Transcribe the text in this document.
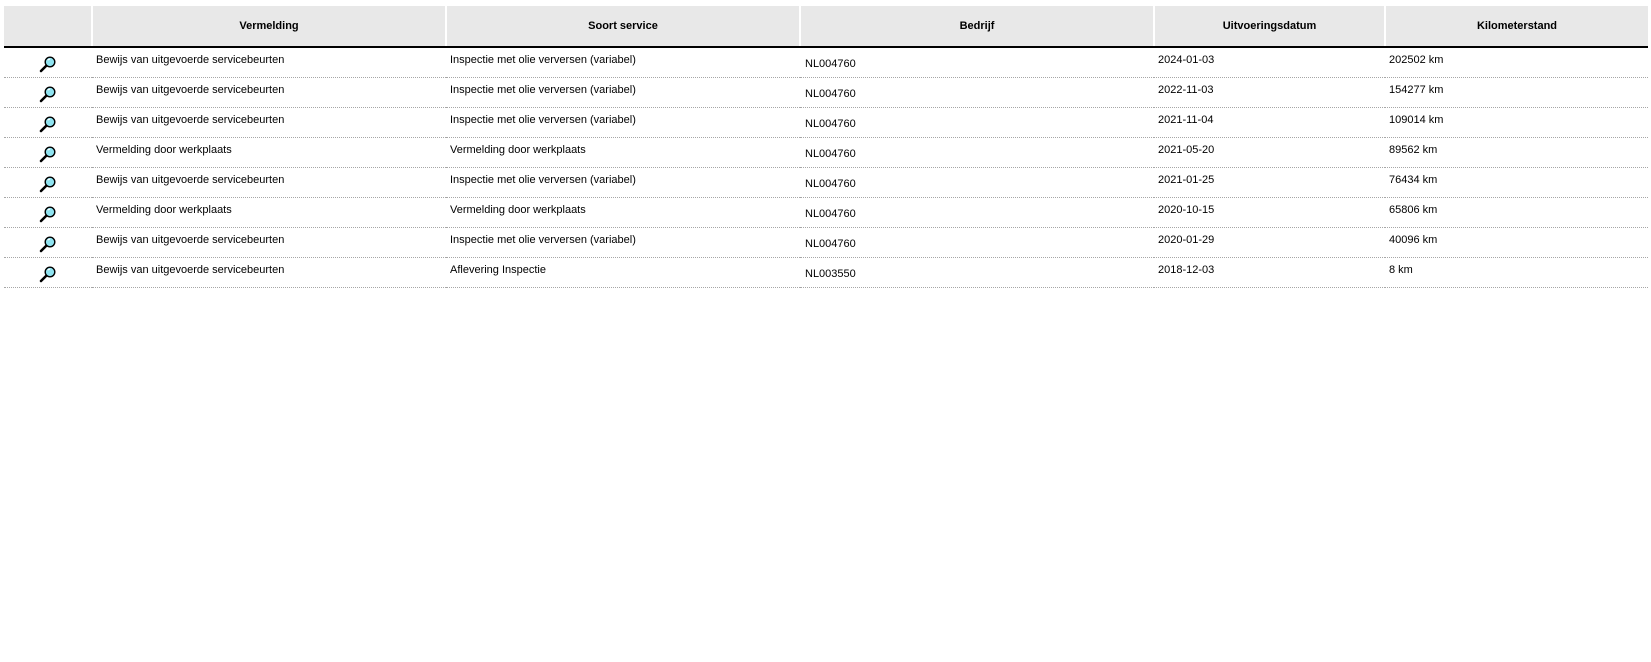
	Vermelding	Soort service	Bedrijf	Uitvoeringsdatum	Kilometerstand

	Bewijs van uitgevoerde servicebeurten	Inspectie met olie verversen (variabel)	NL004760	2024-01-03	202502 km

	Bewijs van uitgevoerde servicebeurten	Inspectie met olie verversen (variabel)	NL004760	2022-11-03	154277 km

	Bewijs van uitgevoerde servicebeurten	Inspectie met olie verversen (variabel)	NL004760	2021-11-04	109014 km

	Vermelding door werkplaats	Vermelding door werkplaats	NL004760	2021-05-20	89562 km

	Bewijs van uitgevoerde servicebeurten	Inspectie met olie verversen (variabel)	NL004760	2021-01-25	76434 km

	Vermelding door werkplaats	Vermelding door werkplaats	NL004760	2020-10-15	65806 km

	Bewijs van uitgevoerde servicebeurten	Inspectie met olie verversen (variabel)	NL004760	2020-01-29	40096 km

	Bewijs van uitgevoerde servicebeurten	Aflevering Inspectie	NL003550	2018-12-03	8 km
